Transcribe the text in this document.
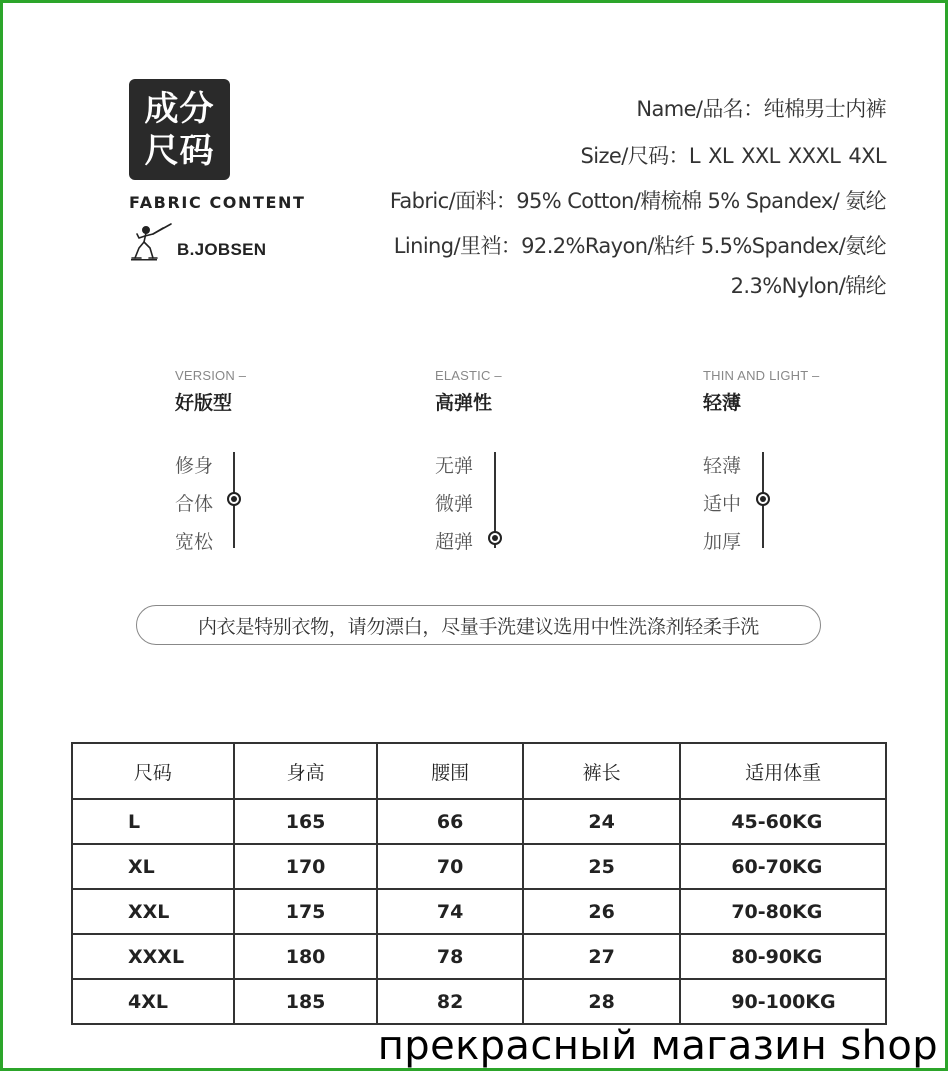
成分
尺码
FABRIC CONTENT
B.JOBSEN
Name/品名：纯棉男士内裤
Size/尺码：L XL XXL XXXL 4XL
Fabric/面料：95% Cotton/精梳棉 5% Spandex/ 氨纶
Lining/里裆：92.2%Rayon/粘纤 5.5%Spandex/氨纶
2.3%Nylon/锦纶
VERSION –
好版型
修身
合体
宽松
ELASTIC –
高弹性
无弹
微弹
超弹
THIN AND LIGHT –
轻薄
轻薄
适中
加厚
内衣是特别衣物，请勿漂白，尽量手洗建议选用中性洗涤剂轻柔手洗
尺码	身高	腰围	裤长	适用体重
L	165	66	24	45-60KG
XL	170	70	25	60-70KG
XXL	175	74	26	70-80KG
XXXL	180	78	27	80-90KG
4XL	185	82	28	90-100KG
прекрасный магазин shop
